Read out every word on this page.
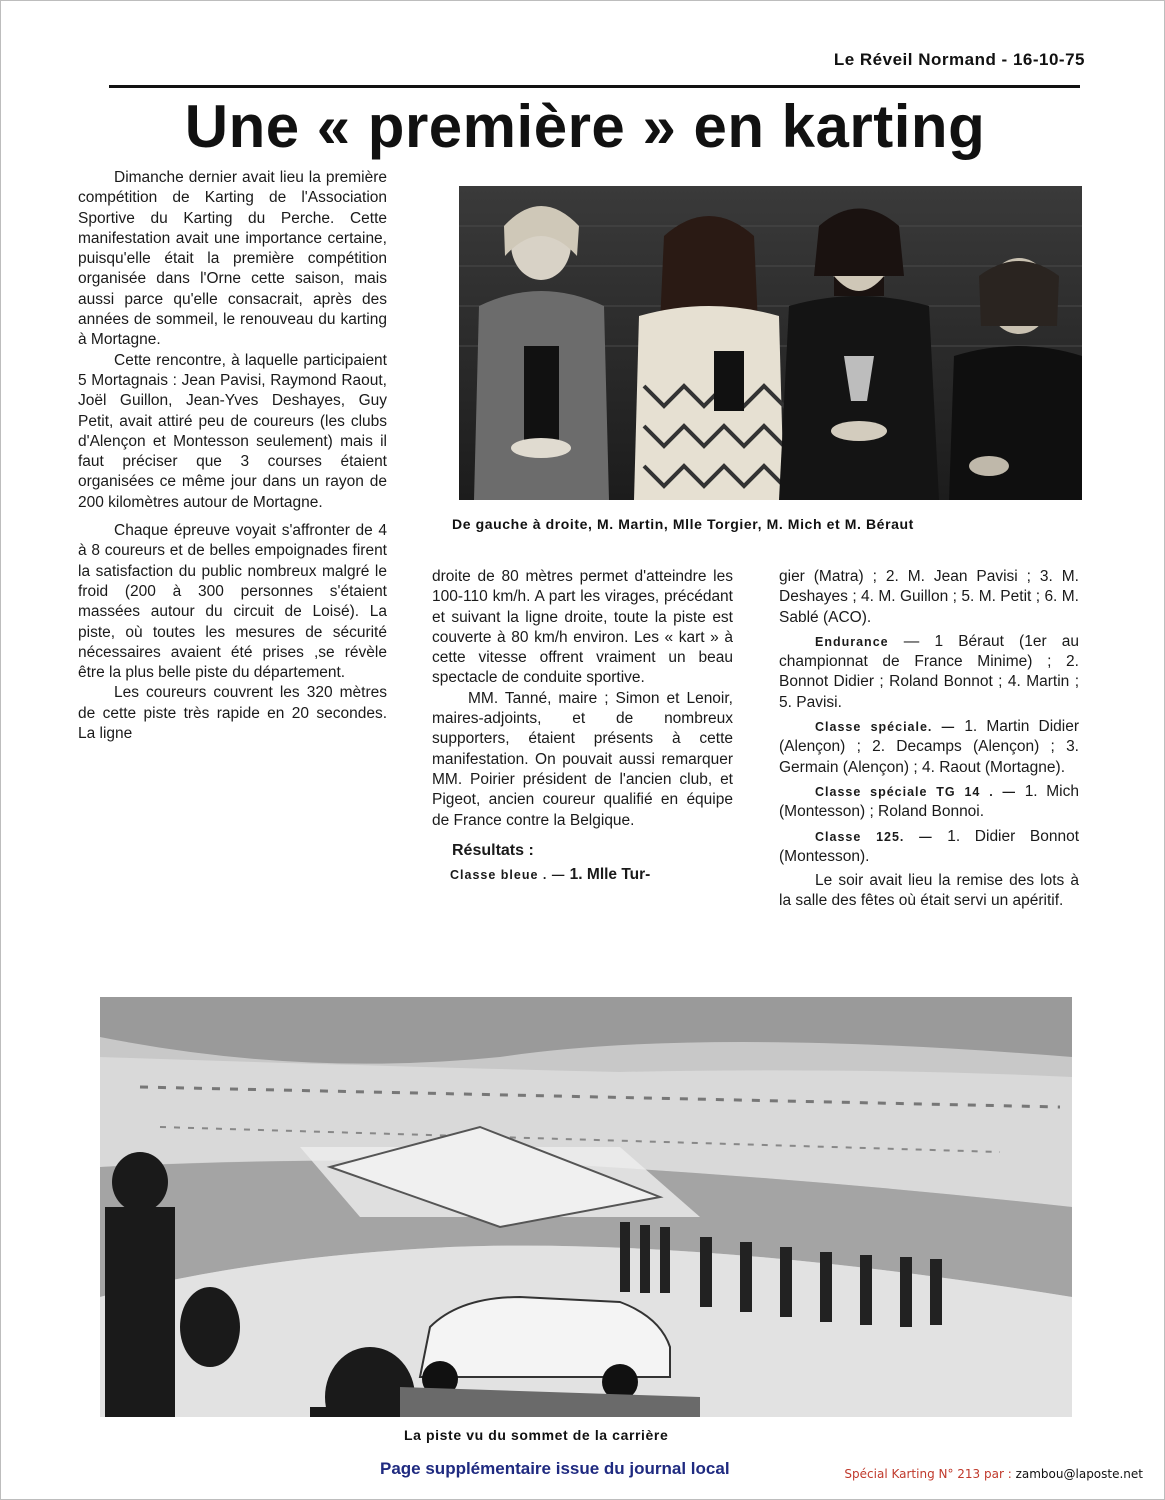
Le Réveil Normand - 16-10-75
Une « première » en karting

Dimanche dernier avait lieu la première compétition de Karting de l'Association Sportive du Karting du Perche. Cette manifestation avait une importance certaine, puisqu'elle était la première compétition organisée dans l'Orne cette saison, mais aussi parce qu'elle consacrait, après des années de sommeil, le renouveau du karting à Mortagne.

Cette rencontre, à laquelle participaient 5 Mortagnais : Jean Pavisi, Raymond Raout, Joël Guillon, Jean-Yves Deshayes, Guy Petit, avait attiré peu de coureurs (les clubs d'Alençon et Montesson seulement) mais il faut préciser que 3 courses étaient organisées ce même jour dans un rayon de 200 kilomètres autour de Mortagne.

Chaque épreuve voyait s'affronter de 4 à 8 coureurs et de belles empoignades firent la satisfaction du public nombreux malgré le froid (200 à 300 personnes s'étaient massées autour du circuit de Loisé). La piste, où toutes les mesures de sécurité nécessaires avaient été prises ,se révèle être la plus belle piste du département.

Les coureurs couvrent les 320 mètres de cette piste très rapide en 20 secondes. La ligne

De gauche à droite, M. Martin, Mlle Torgier, M. Mich et M. Béraut

droite de 80 mètres permet d'atteindre les 100-110 km/h. A part les virages, précédant et suivant la ligne droite, toute la piste est couverte à 80 km/h environ. Les « kart » à cette vitesse offrent vraiment un beau spectacle de conduite sportive.

MM. Tanné, maire ; Simon et Lenoir, maires-adjoints, et de nombreux supporters, étaient présents à cette manifestation. On pouvait aussi remarquer MM. Poirier président de l'ancien club, et Pigeot, ancien coureur qualifié en équipe de France contre la Belgique.

Résultats :

Classe bleue . — 1. Mlle Tur-

gier (Matra) ; 2. M. Jean Pavisi ; 3. M. Deshayes ; 4. M. Guillon ; 5. M. Petit ; 6. M. Sablé (ACO).

Endurance — 1 Béraut (1er au championnat de France Minime) ; 2. Bonnot Didier ; Roland Bonnot ; 4. Martin ; 5. Pavisi.

Classe spéciale. — 1. Martin Didier (Alençon) ; 2. Decamps (Alençon) ; 3. Germain (Alençon) ; 4. Raout (Mortagne).

Classe spéciale TG 14 . — 1. Mich (Montesson) ; Roland Bonnoi.

Classe 125. — 1. Didier Bonnot (Montesson).

Le soir avait lieu la remise des lots à la salle des fêtes où était servi un apéritif.

La piste vu du sommet de la carrière
Page supplémentaire issue du journal local	Spécial Karting N° 213 par : zambou@laposte.net
